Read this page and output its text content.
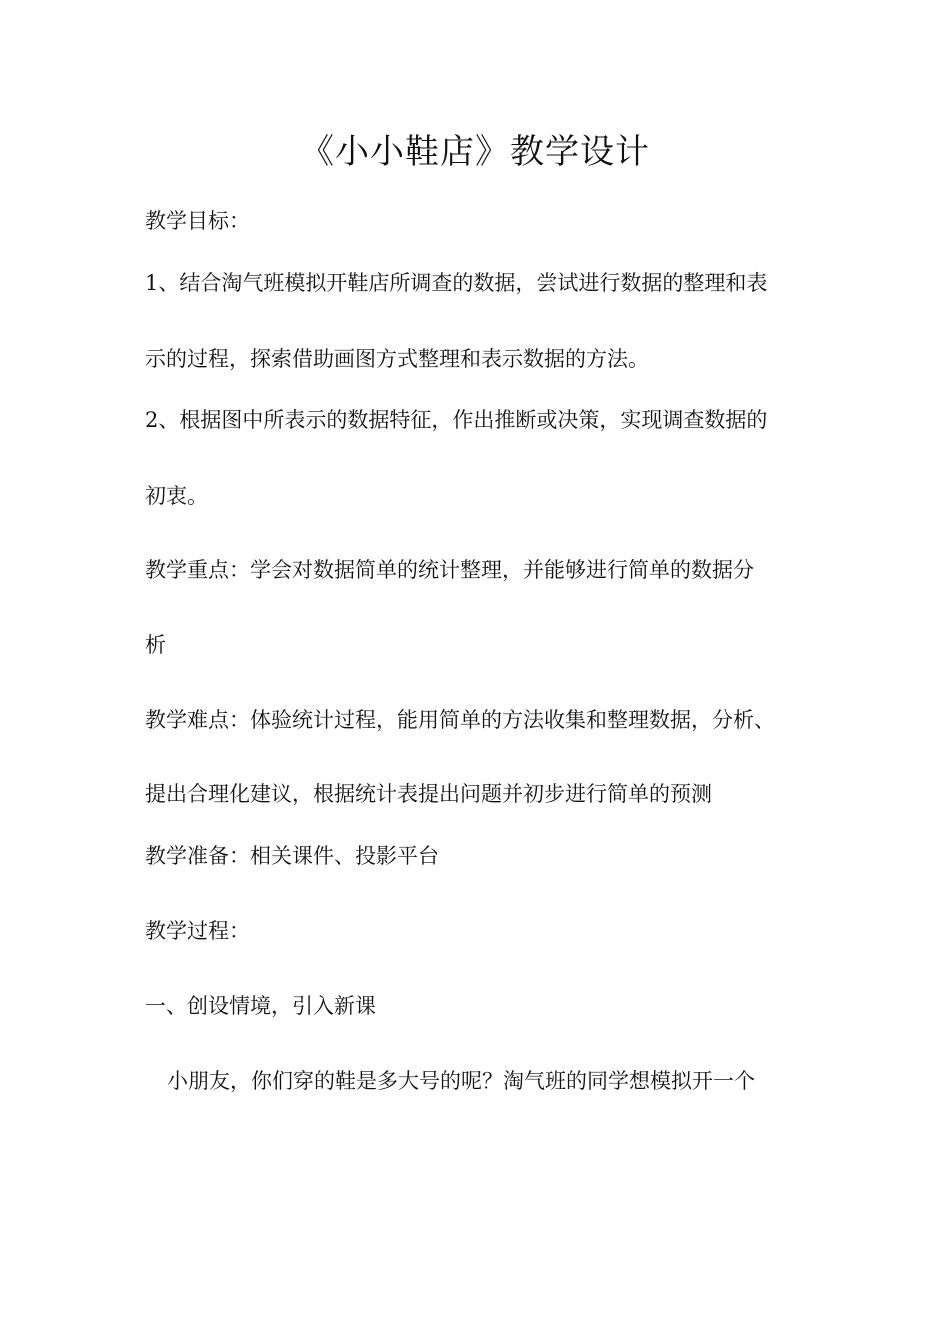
《小小鞋店》教学设计
教学目标：
1、结合淘气班模拟开鞋店所调查的数据，尝试进行数据的整理和表
示的过程，探索借助画图方式整理和表示数据的方法。
2、根据图中所表示的数据特征，作出推断或决策，实现调查数据的
初衷。
教学重点：学会对数据简单的统计整理，并能够进行简单的数据分
析
教学难点：体验统计过程，能用简单的方法收集和整理数据，分析、
提出合理化建议，根据统计表提出问题并初步进行简单的预测
教学准备：相关课件、投影平台
教学过程：
一、创设情境，引入新课
小朋友，你们穿的鞋是多大号的呢？淘气班的同学想模拟开一个
